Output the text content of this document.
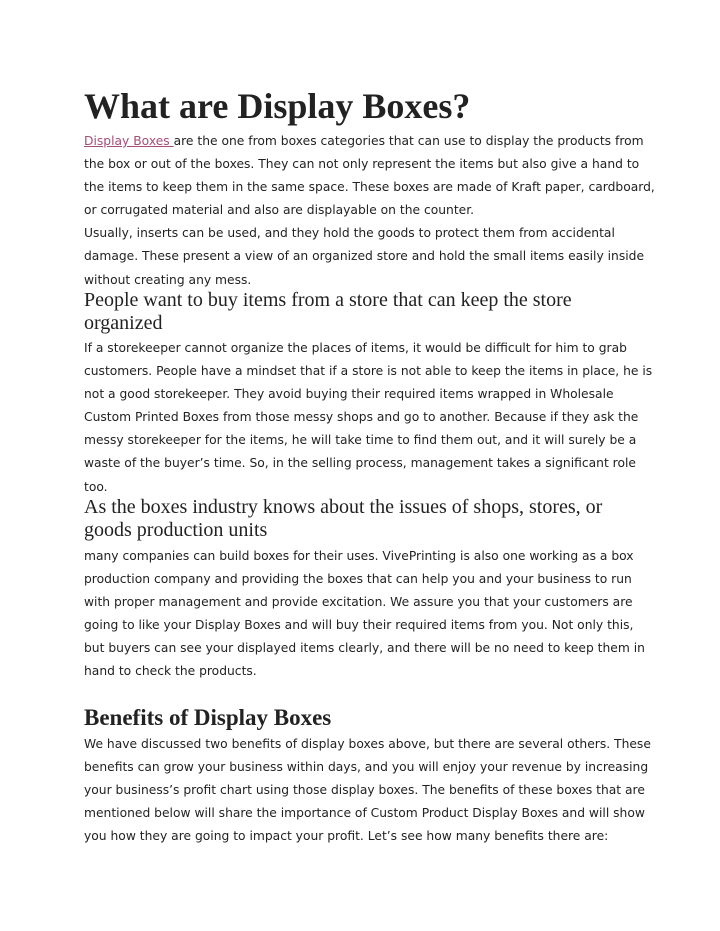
What are Display Boxes?

Display Boxes are the one from boxes categories that can use to display the products from

the box or out of the boxes. They can not only represent the items but also give a hand to

the items to keep them in the same space. These boxes are made of Kraft paper, cardboard,

or corrugated material and also are displayable on the counter.

Usually, inserts can be used, and they hold the goods to protect them from accidental

damage. These present a view of an organized store and hold the small items easily inside

without creating any mess.

People want to buy items from a store that can keep the store
organized

If a storekeeper cannot organize the places of items, it would be difficult for him to grab

customers. People have a mindset that if a store is not able to keep the items in place, he is

not a good storekeeper. They avoid buying their required items wrapped in Wholesale

Custom Printed Boxes from those messy shops and go to another. Because if they ask the

messy storekeeper for the items, he will take time to find them out, and it will surely be a

waste of the buyer’s time. So, in the selling process, management takes a significant role

too.

As the boxes industry knows about the issues of shops, stores, or
goods production units

many companies can build boxes for their uses. VivePrinting is also one working as a box

production company and providing the boxes that can help you and your business to run

with proper management and provide excitation. We assure you that your customers are

going to like your Display Boxes and will buy their required items from you. Not only this,

but buyers can see your displayed items clearly, and there will be no need to keep them in

hand to check the products.

Benefits of Display Boxes

We have discussed two benefits of display boxes above, but there are several others. These

benefits can grow your business within days, and you will enjoy your revenue by increasing

your business’s profit chart using those display boxes. The benefits of these boxes that are

mentioned below will share the importance of Custom Product Display Boxes and will show

you how they are going to impact your profit. Let’s see how many benefits there are:
